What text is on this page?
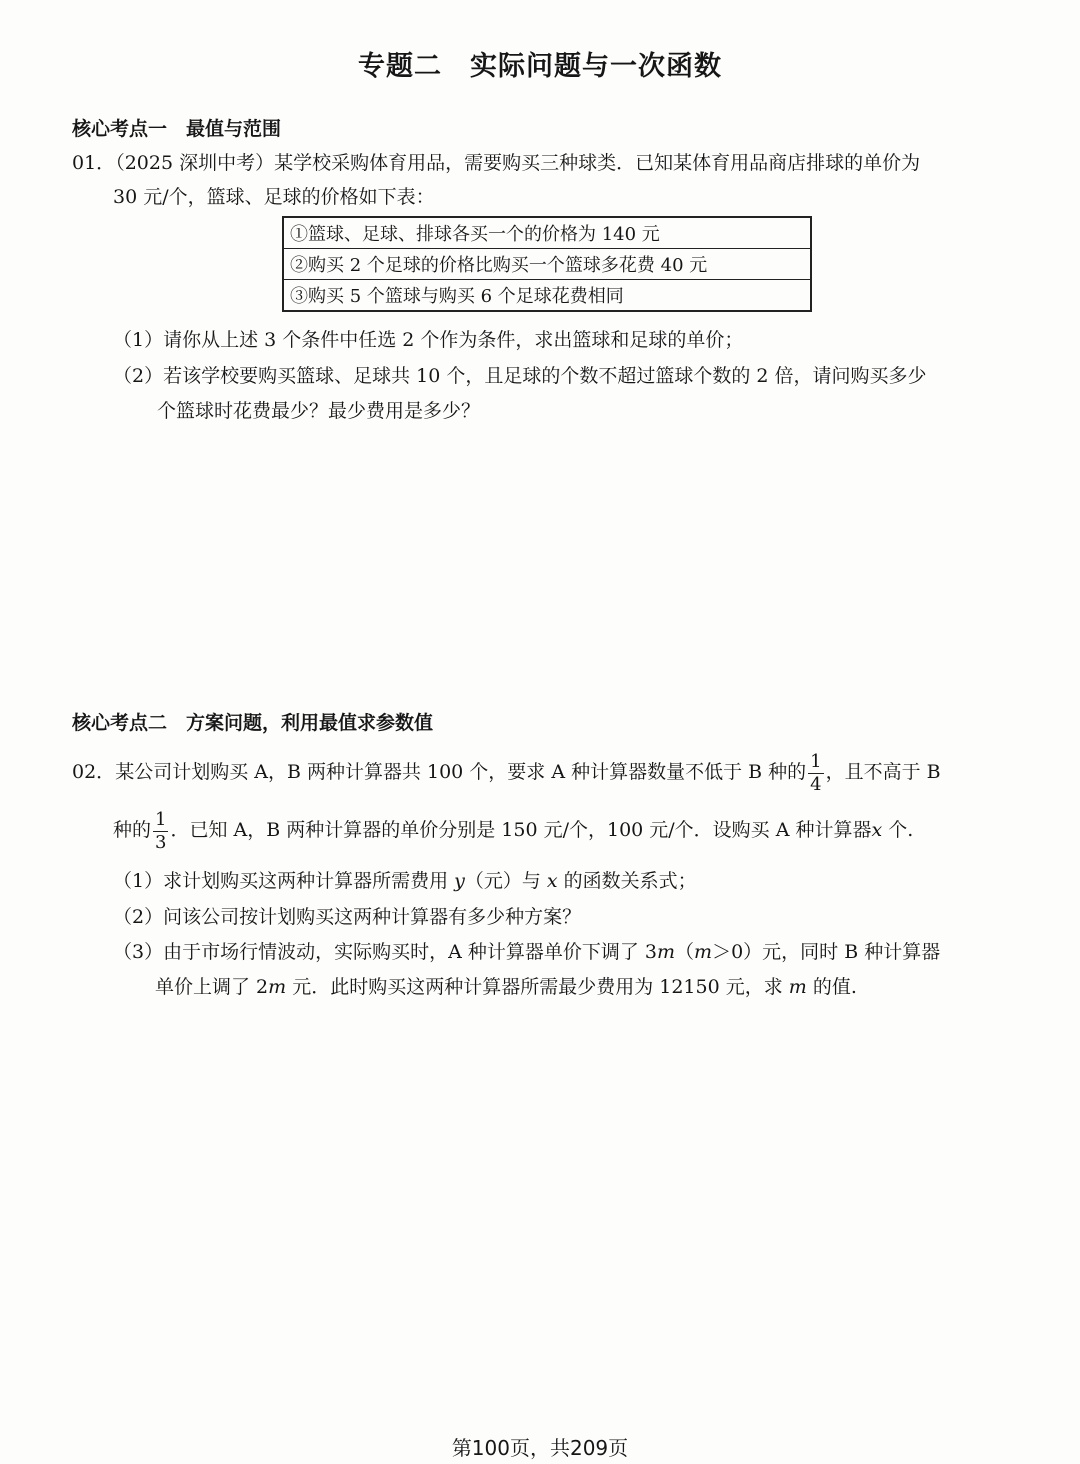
专题二　实际问题与一次函数
核心考点一　最值与范围
01．（2025 深圳中考）某学校采购体育用品，需要购买三种球类．已知某体育用品商店排球的单价为
30 元/个，篮球、足球的价格如下表：
①篮球、足球、排球各买一个的价格为 140 元
②购买 2 个足球的价格比购买一个篮球多花费 40 元
③购买 5 个篮球与购买 6 个足球花费相同
（1）请你从上述 3 个条件中任选 2 个作为条件，求出篮球和足球的单价；
（2）若该学校要购买篮球、足球共 10 个，且足球的个数不超过篮球个数的 2 倍，请问购买多少
个篮球时花费最少？最少费用是多少？
核心考点二　方案问题，利用最值求参数值
02．某公司计划购买 A，B 两种计算器共 100 个，要求 A 种计算器数量不低于 B 种的 $\frac{1}{4}$ ，且不高于 B
种的 $\frac{1}{3}$ ．已知 A，B 两种计算器的单价分别是 150 元/个，100 元/个．设购买 A 种计算器x 个.
（1）求计划购买这两种计算器所需费用 y（元）与 x 的函数关系式；
（2）问该公司按计划购买这两种计算器有多少种方案？
（3）由于市场行情波动，实际购买时，A 种计算器单价下调了 3m（m＞0）元，同时 B 种计算器
单价上调了 2m 元．此时购买这两种计算器所需最少费用为 12150 元，求 m 的值.
第100页，共209页
